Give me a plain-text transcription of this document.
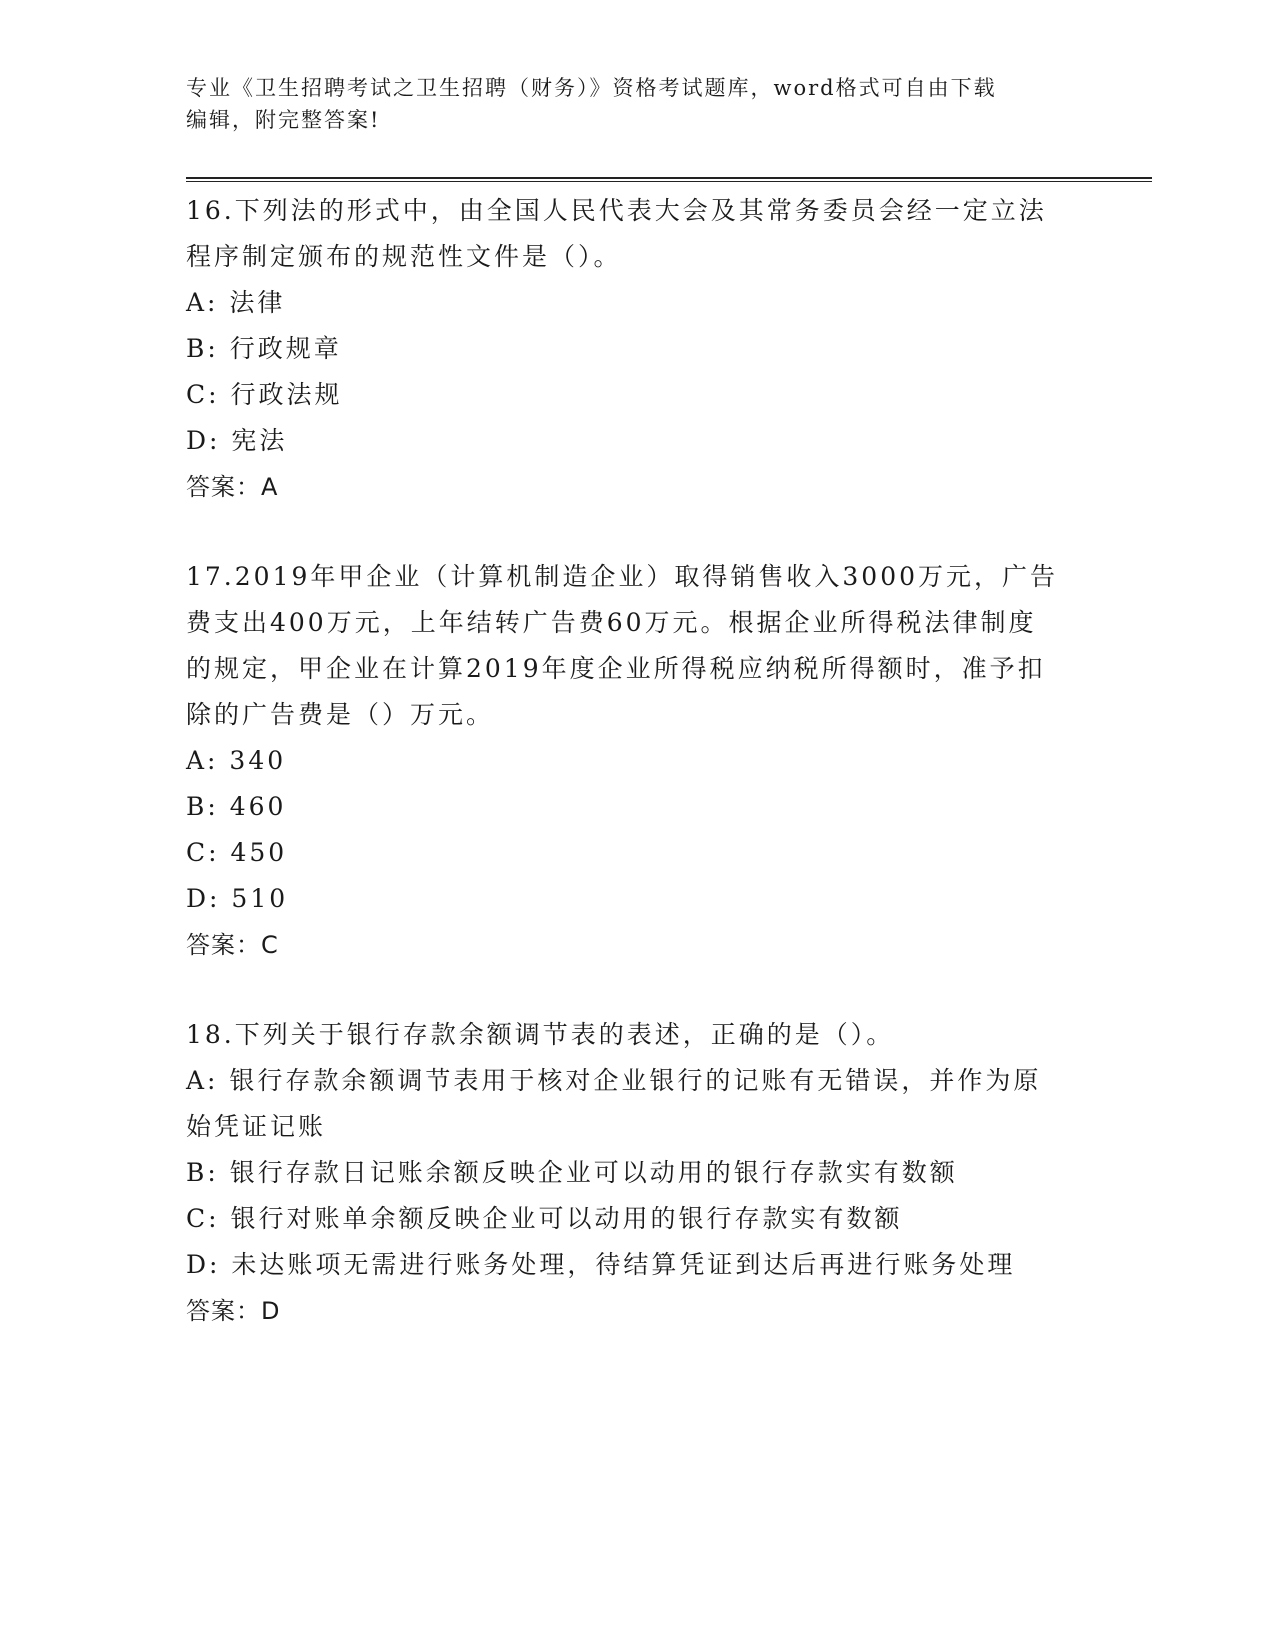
专业《卫生招聘考试之卫生招聘（财务）》资格考试题库，word格式可自由下载
编辑，附完整答案!

16.下列法的形式中，由全国人民代表大会及其常务委员会经一定立法

程序制定颁布的规范性文件是（）。

A: 法律

B: 行政规章

C: 行政法规

D: 宪法

答案：A

17.2019年甲企业（计算机制造企业）取得销售收入3000万元，广告

费支出400万元，上年结转广告费60万元。根据企业所得税法律制度

的规定，甲企业在计算2019年度企业所得税应纳税所得额时，准予扣

除的广告费是（）万元。

A: 340

B: 460

C: 450

D: 510

答案：C

18.下列关于银行存款余额调节表的表述，正确的是（）。

A: 银行存款余额调节表用于核对企业银行的记账有无错误，并作为原

始凭证记账

B: 银行存款日记账余额反映企业可以动用的银行存款实有数额

C: 银行对账单余额反映企业可以动用的银行存款实有数额

D: 未达账项无需进行账务处理，待结算凭证到达后再进行账务处理

答案：D
